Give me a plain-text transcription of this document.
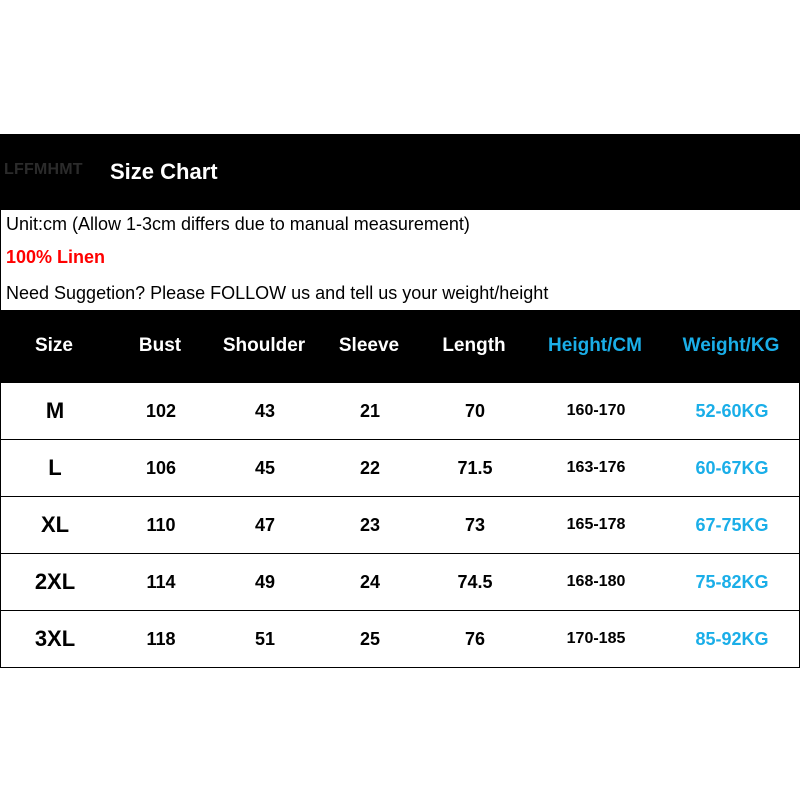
LFFMHMT Size Chart
Unit:cm (Allow 1-3cm differs due to manual measurement)
100% Linen
Need Suggetion? Please FOLLOW us and tell us your weight/height
Size	Bust	Shoulder	Sleeve	Length	Height/CM	Weight/KG
M	102	43	21	70	160-170	52-60KG
L	106	45	22	71.5	163-176	60-67KG
XL	110	47	23	73	165-178	67-75KG
2XL	114	49	24	74.5	168-180	75-82KG
3XL	118	51	25	76	170-185	85-92KG
